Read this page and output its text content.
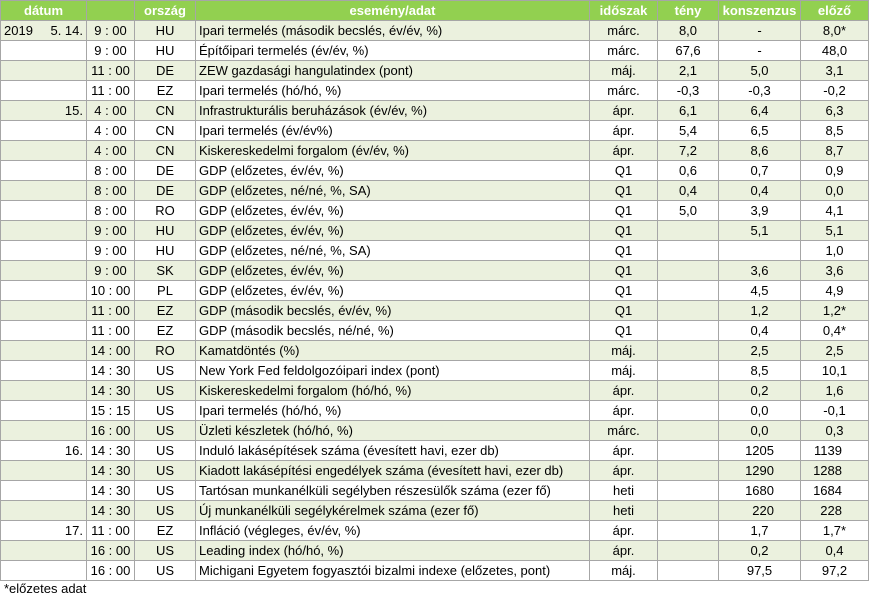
dátum		ország	esemény/adat	időszak	tény	konszenzus	előző

2019 5. 14.	9 : 00	HU	Ipari termelés (második becslés, év/év, %)	márc.	8,0	-	8,0*

	9 : 00	HU	Építőipari termelés (év/év, %)	márc.	67,6	-	48,0

	11 : 00	DE	ZEW gazdasági hangulatindex (pont)	máj.	2,1	5,0	3,1

	11 : 00	EZ	Ipari termelés (hó/hó, %)	márc.	-0,3	-0,3	-0,2

15.	4 : 00	CN	Infrastrukturális beruházások (év/év, %)	ápr.	6,1	6,4	6,3

	4 : 00	CN	Ipari termelés (év/év%)	ápr.	5,4	6,5	8,5

	4 : 00	CN	Kiskereskedelmi forgalom (év/év, %)	ápr.	7,2	8,6	8,7

	8 : 00	DE	GDP (előzetes, év/év, %)	Q1	0,6	0,7	0,9

	8 : 00	DE	GDP (előzetes, né/né, %, SA)	Q1	0,4	0,4	0,0

	8 : 00	RO	GDP (előzetes, év/év, %)	Q1	5,0	3,9	4,1

	9 : 00	HU	GDP (előzetes, év/év, %)	Q1		5,1	5,1

	9 : 00	HU	GDP (előzetes, né/né, %, SA)	Q1			1,0

	9 : 00	SK	GDP (előzetes, év/év, %)	Q1		3,6	3,6

	10 : 00	PL	GDP (előzetes, év/év, %)	Q1		4,5	4,9

	11 : 00	EZ	GDP (második becslés, év/év, %)	Q1		1,2	1,2*

	11 : 00	EZ	GDP (második becslés, né/né, %)	Q1		0,4	0,4*

	14 : 00	RO	Kamatdöntés (%)	máj.		2,5	2,5

	14 : 30	US	New York Fed feldolgozóipari index (pont)	máj.		8,5	10,1

	14 : 30	US	Kiskereskedelmi forgalom (hó/hó, %)	ápr.		0,2	1,6

	15 : 15	US	Ipari termelés (hó/hó, %)	ápr.		0,0	-0,1

	16 : 00	US	Üzleti készletek (hó/hó, %)	márc.		0,0	0,3

16.	14 : 30	US	Induló lakásépítések száma (évesített havi, ezer db)	ápr.		1205	1139

	14 : 30	US	Kiadott lakásépítési engedélyek száma (évesített havi, ezer db)	ápr.		1290	1288

	14 : 30	US	Tartósan munkanélküli segélyben részesülők száma (ezer fő)	heti		1680	1684

	14 : 30	US	Új munkanélküli segélykérelmek száma (ezer fő)	heti		220	228

17.	11 : 00	EZ	Infláció (végleges, év/év, %)	ápr.		1,7	1,7*

	16 : 00	US	Leading index (hó/hó, %)	ápr.		0,2	0,4

	16 : 00	US	Michigani Egyetem fogyasztói bizalmi indexe (előzetes, pont)	máj.		97,5	97,2
*előzetes adat
